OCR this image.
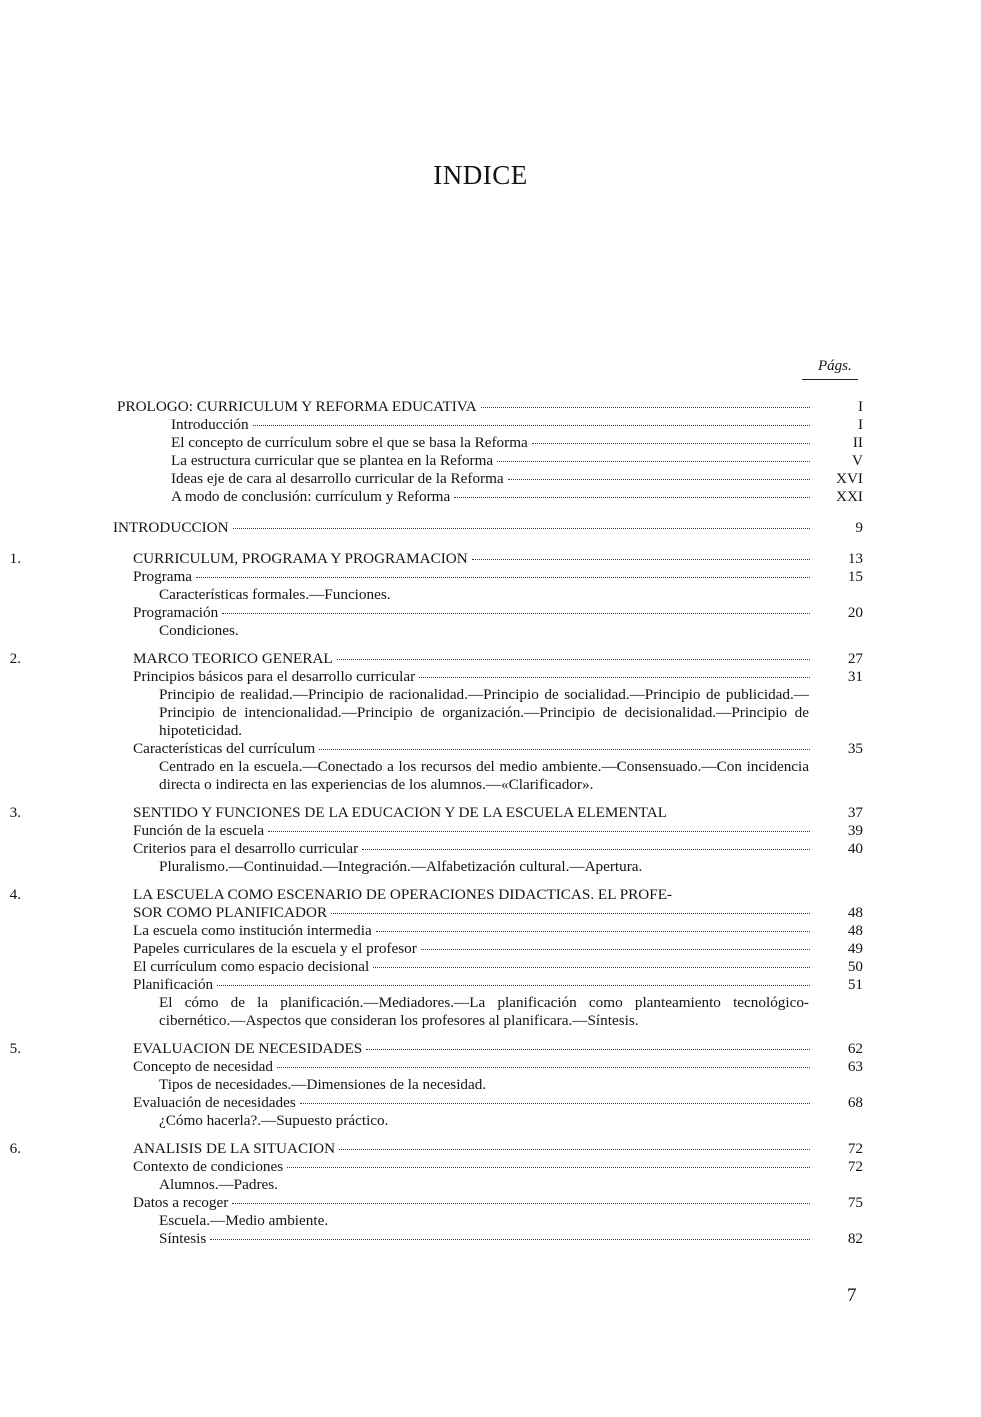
INDICE
Págs.
PROLOGO: CURRICULUM Y REFORMA EDUCATIVA	I
Introducción	I
El concepto de currículum sobre el que se basa la Reforma	II
La estructura curricular que se plantea en la Reforma	V
Ideas eje de cara al desarrollo curricular de la Reforma	XVI
A modo de conclusión: currículum y Reforma	XXI
INTRODUCCION	9
1.	CURRICULUM, PROGRAMA Y PROGRAMACION	13
Programa	15

Características formales.—Funciones.

Programación	20

Condiciones.

2.	MARCO TEORICO GENERAL	27
Principios básicos para el desarrollo curricular	31

Principio de realidad.—Principio de racionalidad.—Principio de socialidad.—Principio de publicidad.—Principio de intencionalidad.—Principio de organización.—Principio de decisionalidad.—Principio de hipoteticidad.

Características del currículum	35

Centrado en la escuela.—Conectado a los recursos del medio ambiente.—Consensuado.—Con incidencia directa o indirecta en las experiencias de los alumnos.—«Clarificador».

3.	SENTIDO Y FUNCIONES DE LA EDUCACION Y DE LA ESCUELA ELEMENTAL	37
Función de la escuela	39
Criterios para el desarrollo curricular	40

Pluralismo.—Continuidad.—Integración.—Alfabetización cultural.—Apertura.

4.	LA ESCUELA COMO ESCENARIO DE OPERACIONES DIDACTICAS. EL PROFE-
SOR COMO PLANIFICADOR	48
La escuela como institución intermedia	48
Papeles curriculares de la escuela y el profesor	49
El currículum como espacio decisional	50
Planificación	51

El cómo de la planificación.—Mediadores.—La planificación como planteamiento tecnológico-cibernético.—Aspectos que consideran los profesores al planificara.—Síntesis.

5.	EVALUACION DE NECESIDADES	62
Concepto de necesidad	63

Tipos de necesidades.—Dimensiones de la necesidad.

Evaluación de necesidades	68

¿Cómo hacerla?.—Supuesto práctico.

6.	ANALISIS DE LA SITUACION	72
Contexto de condiciones	72

Alumnos.—Padres.

Datos a recoger	75

Escuela.—Medio ambiente.

Síntesis	82
7
